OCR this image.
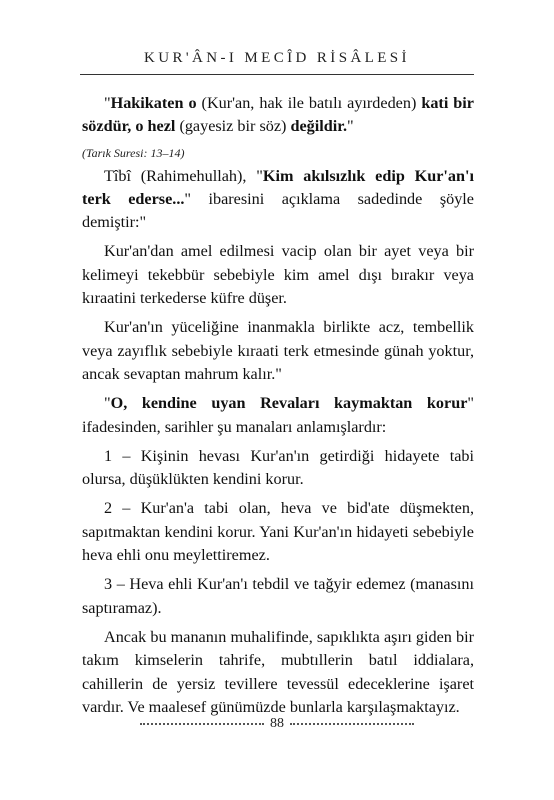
KUR'ÂN-I MECÎD RİSÂLESİ

"Hakikaten o (Kur'an, hak ile batılı ayırdeden) kati bir sözdür, o hezl (gayesiz bir söz) değildir."

(Tarık Suresi: 13–14)

Tîbî (Rahimehullah), "Kim akılsızlık edip Kur'an'ı terk ederse..." ibaresini açıklama sadedinde şöyle demiştir:"

Kur'an'dan amel edilmesi vacip olan bir ayet veya bir kelimeyi tekebbür sebebiyle kim amel dışı bırakır veya kıraatini terkederse küfre düşer.

Kur'an'ın yüceliğine inanmakla birlikte acz, tembellik veya zayıflık sebebiyle kıraati terk etmesinde günah yoktur, ancak sevaptan mahrum kalır."

"O, kendine uyan Revaları kaymaktan korur" ifadesinden, sarihler şu manaları anlamışlardır:

1 – Kişinin hevası Kur'an'ın getirdiği hidayete tabi olursa, düşüklükten kendini korur.

2 – Kur'an'a tabi olan, heva ve bid'ate düşmekten, sapıtmaktan kendini korur. Yani Kur'an'ın hidayeti sebebiyle heva ehli onu meylettiremez.

3 – Heva ehli Kur'an'ı tebdil ve tağyir edemez (manasını saptıramaz).

Ancak bu mananın muhalifinde, sapıklıkta aşırı giden bir takım kimselerin tahrife, mubtıllerin batıl iddialara, cahillerin de yersiz tevillere tevessül edeceklerine işaret vardır. Ve maalesef günümüzde bunlarla karşılaşmaktayız.

88
